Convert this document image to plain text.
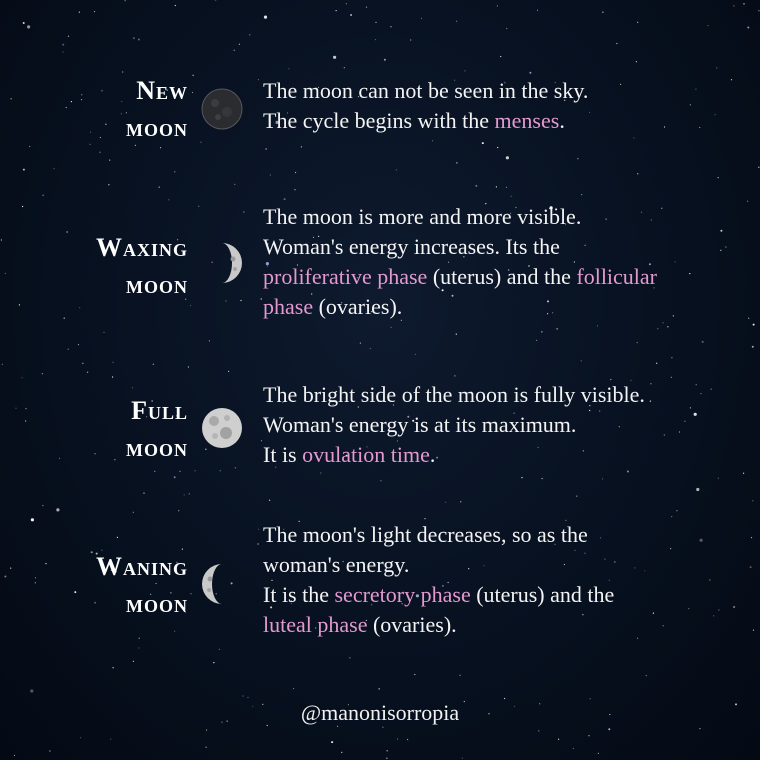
New
moon
The moon can not be seen in the sky.
The cycle begins with the menses.
Waxing
moon
The moon is more and more visible.
Woman's energy increases. Its the
proliferative phase (uterus) and the follicular
phase (ovaries).
Full
moon
The bright side of the moon is fully visible.
Woman's energy is at its maximum.
It is ovulation time.
Waning
moon
The moon's light decreases, so as the
woman's energy.
It is the secretory phase (uterus) and the
luteal phase (ovaries).
@manonisorropia
